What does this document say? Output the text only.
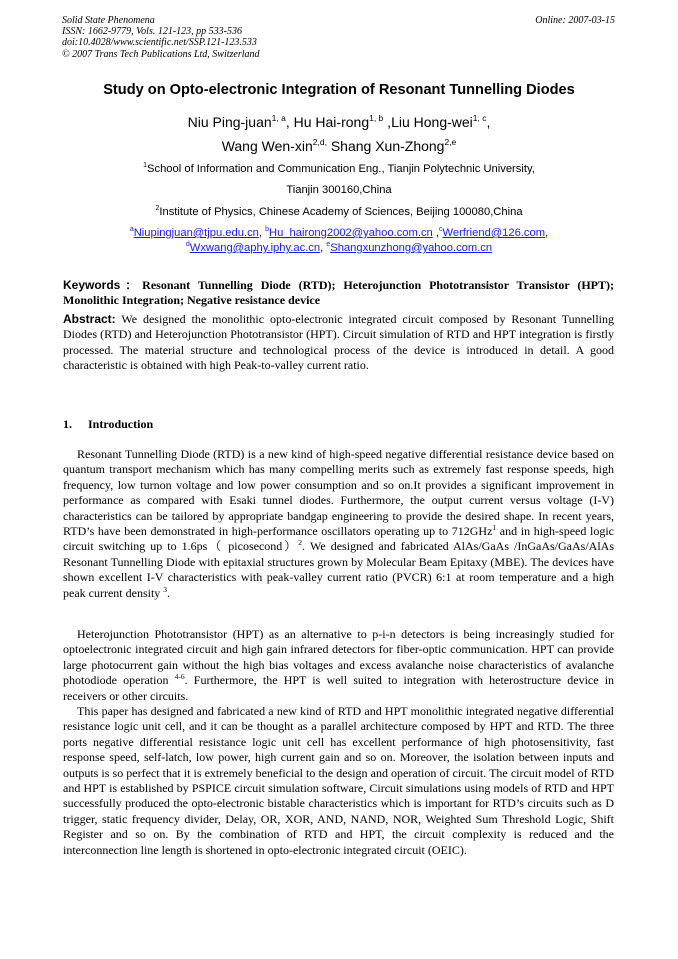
Solid State Phenomena
ISSN: 1662-9779, Vols. 121-123, pp 533-536
doi:10.4028/www.scientific.net/SSP.121-123.533
© 2007 Trans Tech Publications Ltd, Switzerland
Online: 2007-03-15
Study on Opto-electronic Integration of Resonant Tunnelling Diodes
Niu Ping-juan$^{1, a}$, Hu Hai-rong$^{1, b}$ ,Liu Hong-wei$^{1, c}$,
Wang Wen-xin$^{2,d,}$ Shang Xun-Zhong$^{2,e}$
$^1$School of Information and Communication Eng., Tianjin Polytechnic University,
Tianjin 300160,China
$^2$Institute of Physics, Chinese Academy of Sciences, Beijing 100080,China
$^a$Niupingjuan@tjpu.edu.cn, $^b$Hu_hairong2002@yahoo.com.cn ,$^c$Werfriend@126.com,
$^d$Wxwang@aphy.iphy.ac.cn, $^e$Shangxunzhong@yahoo.com.cn
Keywords：Resonant Tunnelling Diode (RTD); Heterojunction Phototransistor Transistor (HPT); Monolithic Integration; Negative resistance device
Abstract: We designed the monolithic opto-electronic integrated circuit composed by Resonant Tunnelling Diodes (RTD) and Heterojunction Phototransistor (HPT). Circuit simulation of RTD and HPT integration is firstly processed. The material structure and technological process of the device is introduced in detail. A good characteristic is obtained with high Peak-to-valley current ratio.
1. Introduction
Resonant Tunnelling Diode (RTD) is a new kind of high-speed negative differential resistance device based on quantum transport mechanism which has many compelling merits such as extremely fast response speeds, high frequency, low turnon voltage and low power consumption and so on.It provides a significant improvement in performance as compared with Esaki tunnel diodes. Furthermore, the output current versus voltage (I-V) characteristics can be tailored by appropriate bandgap engineering to provide the desired shape. In recent years, RTD’s have been demonstrated in high-performance oscillators operating up to 712GHz$^1$ and in high-speed logic circuit switching up to 1.6ps（ picosecond）$^2$. We designed and fabricated AlAs/GaAs /InGaAs/GaAs/AlAs Resonant Tunnelling Diode with epitaxial structures grown by Molecular Beam Epitaxy (MBE). The devices have shown excellent I-V characteristics with peak-valley current ratio (PVCR) 6:1 at room temperature and a high peak current density $^3$.
Heterojunction Phototransistor (HPT) as an alternative to p-i-n detectors is being increasingly studied for optoelectronic integrated circuit and high gain infrared detectors for fiber-optic communication. HPT can provide large photocurrent gain without the high bias voltages and excess avalanche noise characteristics of avalanche photodiode operation $^{4-6}$. Furthermore, the HPT is well suited to integration with heterostructure device in receivers or other circuits.
This paper has designed and fabricated a new kind of RTD and HPT monolithic integrated negative differential resistance logic unit cell, and it can be thought as a parallel architecture composed by HPT and RTD. The three ports negative differential resistance logic unit cell has excellent performance of high photosensitivity, fast response speed, self-latch, low power, high current gain and so on. Moreover, the isolation between inputs and outputs is so perfect that it is extremely beneficial to the design and operation of circuit. The circuit model of RTD and HPT is established by PSPICE circuit simulation software, Circuit simulations using models of RTD and HPT successfully produced the opto-electronic bistable characteristics which is important for RTD’s circuits such as D trigger, static frequency divider, Delay, OR, XOR, AND, NAND, NOR, Weighted Sum Threshold Logic, Shift Register and so on. By the combination of RTD and HPT, the circuit complexity is reduced and the interconnection line length is shortened in opto-electronic integrated circuit (OEIC).
